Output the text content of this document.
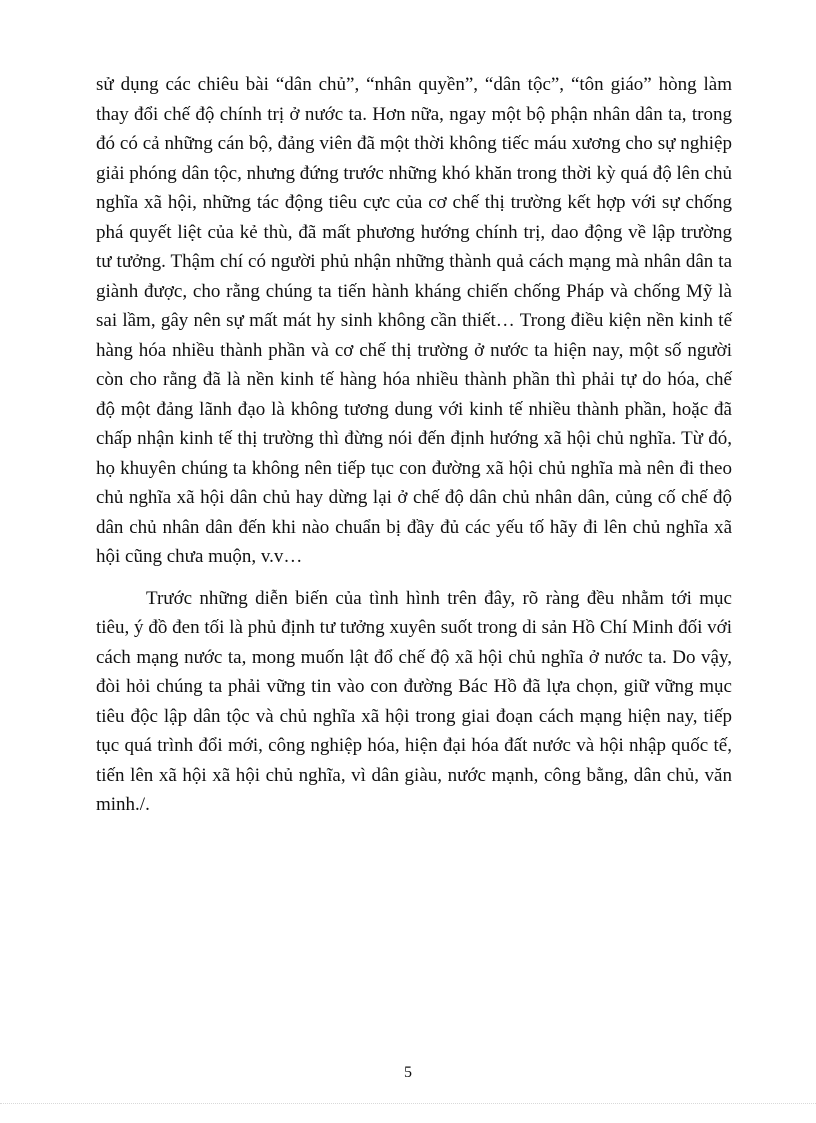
sử dụng các chiêu bài “dân chủ”, “nhân quyền”, “dân tộc”, “tôn giáo” hòng làm thay đổi chế độ chính trị ở nước ta. Hơn nữa, ngay một bộ phận nhân dân ta, trong đó có cả những cán bộ, đảng viên đã một thời không tiếc máu xương cho sự nghiệp giải phóng dân tộc, nhưng đứng trước những khó khăn trong thời kỳ quá độ lên chủ nghĩa xã hội, những tác động tiêu cực của cơ chế thị trường kết hợp với sự chống phá quyết liệt của kẻ thù, đã mất phương hướng chính trị, dao động về lập trường tư tưởng. Thậm chí có người phủ nhận những thành quả cách mạng mà nhân dân ta giành được, cho rằng chúng ta tiến hành kháng chiến chống Pháp và chống Mỹ là sai lầm, gây nên sự mất mát hy sinh không cần thiết… Trong điều kiện nền kinh tế hàng hóa nhiều thành phần và cơ chế thị trường ở nước ta hiện nay, một số người còn cho rằng đã là nền kinh tế hàng hóa nhiều thành phần thì phải tự do hóa, chế độ một đảng lãnh đạo là không tương dung với kinh tế nhiều thành phần, hoặc đã chấp nhận kinh tế thị trường thì đừng nói đến định hướng xã hội chủ nghĩa. Từ đó, họ khuyên chúng ta không nên tiếp tục con đường xã hội chủ nghĩa mà nên đi theo chủ nghĩa xã hội dân chủ hay dừng lại ở chế độ dân chủ nhân dân, củng cố chế độ dân chủ nhân dân đến khi nào chuẩn bị đầy đủ các yếu tố hãy đi lên chủ nghĩa xã hội cũng chưa muộn, v.v…

Trước những diễn biến của tình hình trên đây, rõ ràng đều nhằm tới mục tiêu, ý đồ đen tối là phủ định tư tưởng xuyên suốt trong di sản Hồ Chí Minh đối với cách mạng nước ta, mong muốn lật đổ chế độ xã hội chủ nghĩa ở nước ta. Do vậy, đòi hỏi chúng ta phải vững tin vào con đường Bác Hồ đã lựa chọn, giữ vững mục tiêu độc lập dân tộc và chủ nghĩa xã hội trong giai đoạn cách mạng hiện nay, tiếp tục quá trình đổi mới, công nghiệp hóa, hiện đại hóa đất nước và hội nhập quốc tế, tiến lên xã hội xã hội chủ nghĩa, vì dân giàu, nước mạnh, công bằng, dân chủ, văn minh./.

5
